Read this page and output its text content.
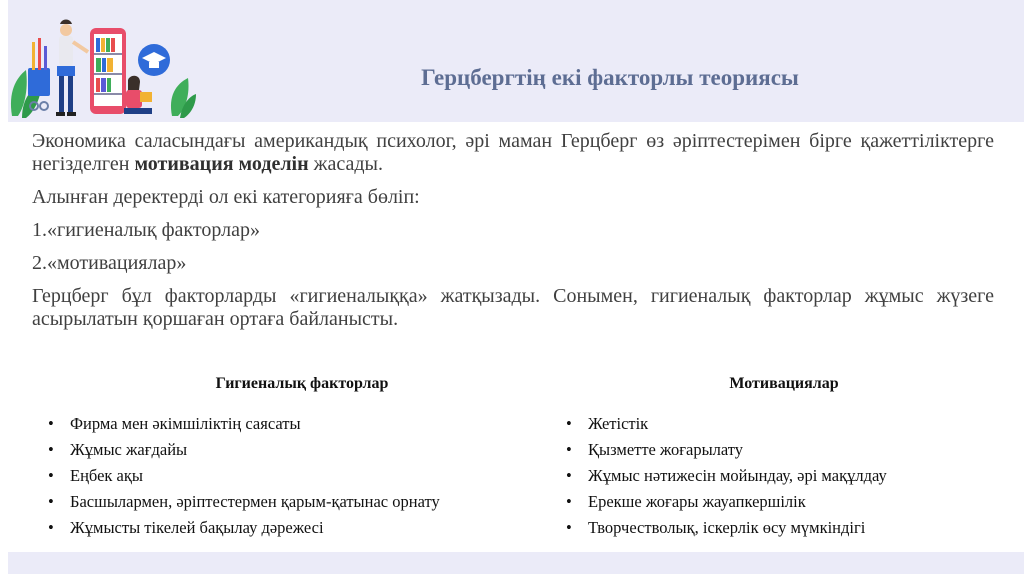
Герцбергтің екі факторлы теориясы

Экономика саласындағы американдық психолог, әрі маман Герцберг өз әріптестерімен бірге қажеттіліктерге негізделген мотивация моделін жасады.

Алынған деректерді ол екі категорияға бөліп:

1.«гигиеналық факторлар»

2.«мотивациялар»

Герцберг бұл факторларды «гигиеналыққа» жатқызады. Сонымен, гигиеналық факторлар жұмыс жүзеге асырылатын қоршаған ортаға байланысты.

Гигиеналық факторлар
• Фирма мен әкімшіліктің саясаты
• Жұмыс жағдайы
• Еңбек ақы
• Басшылармен, әріптестермен қарым-қатынас орнату
• Жұмысты тікелей бақылау дәрежесі
Мотивациялар
• Жетістік
• Қызметте жоғарылату
• Жұмыс нәтижесін мойындау, әрі мақұлдау
• Ерекше жоғары жауапкершілік
• Творчестволық, іскерлік өсу мүмкіндігі
